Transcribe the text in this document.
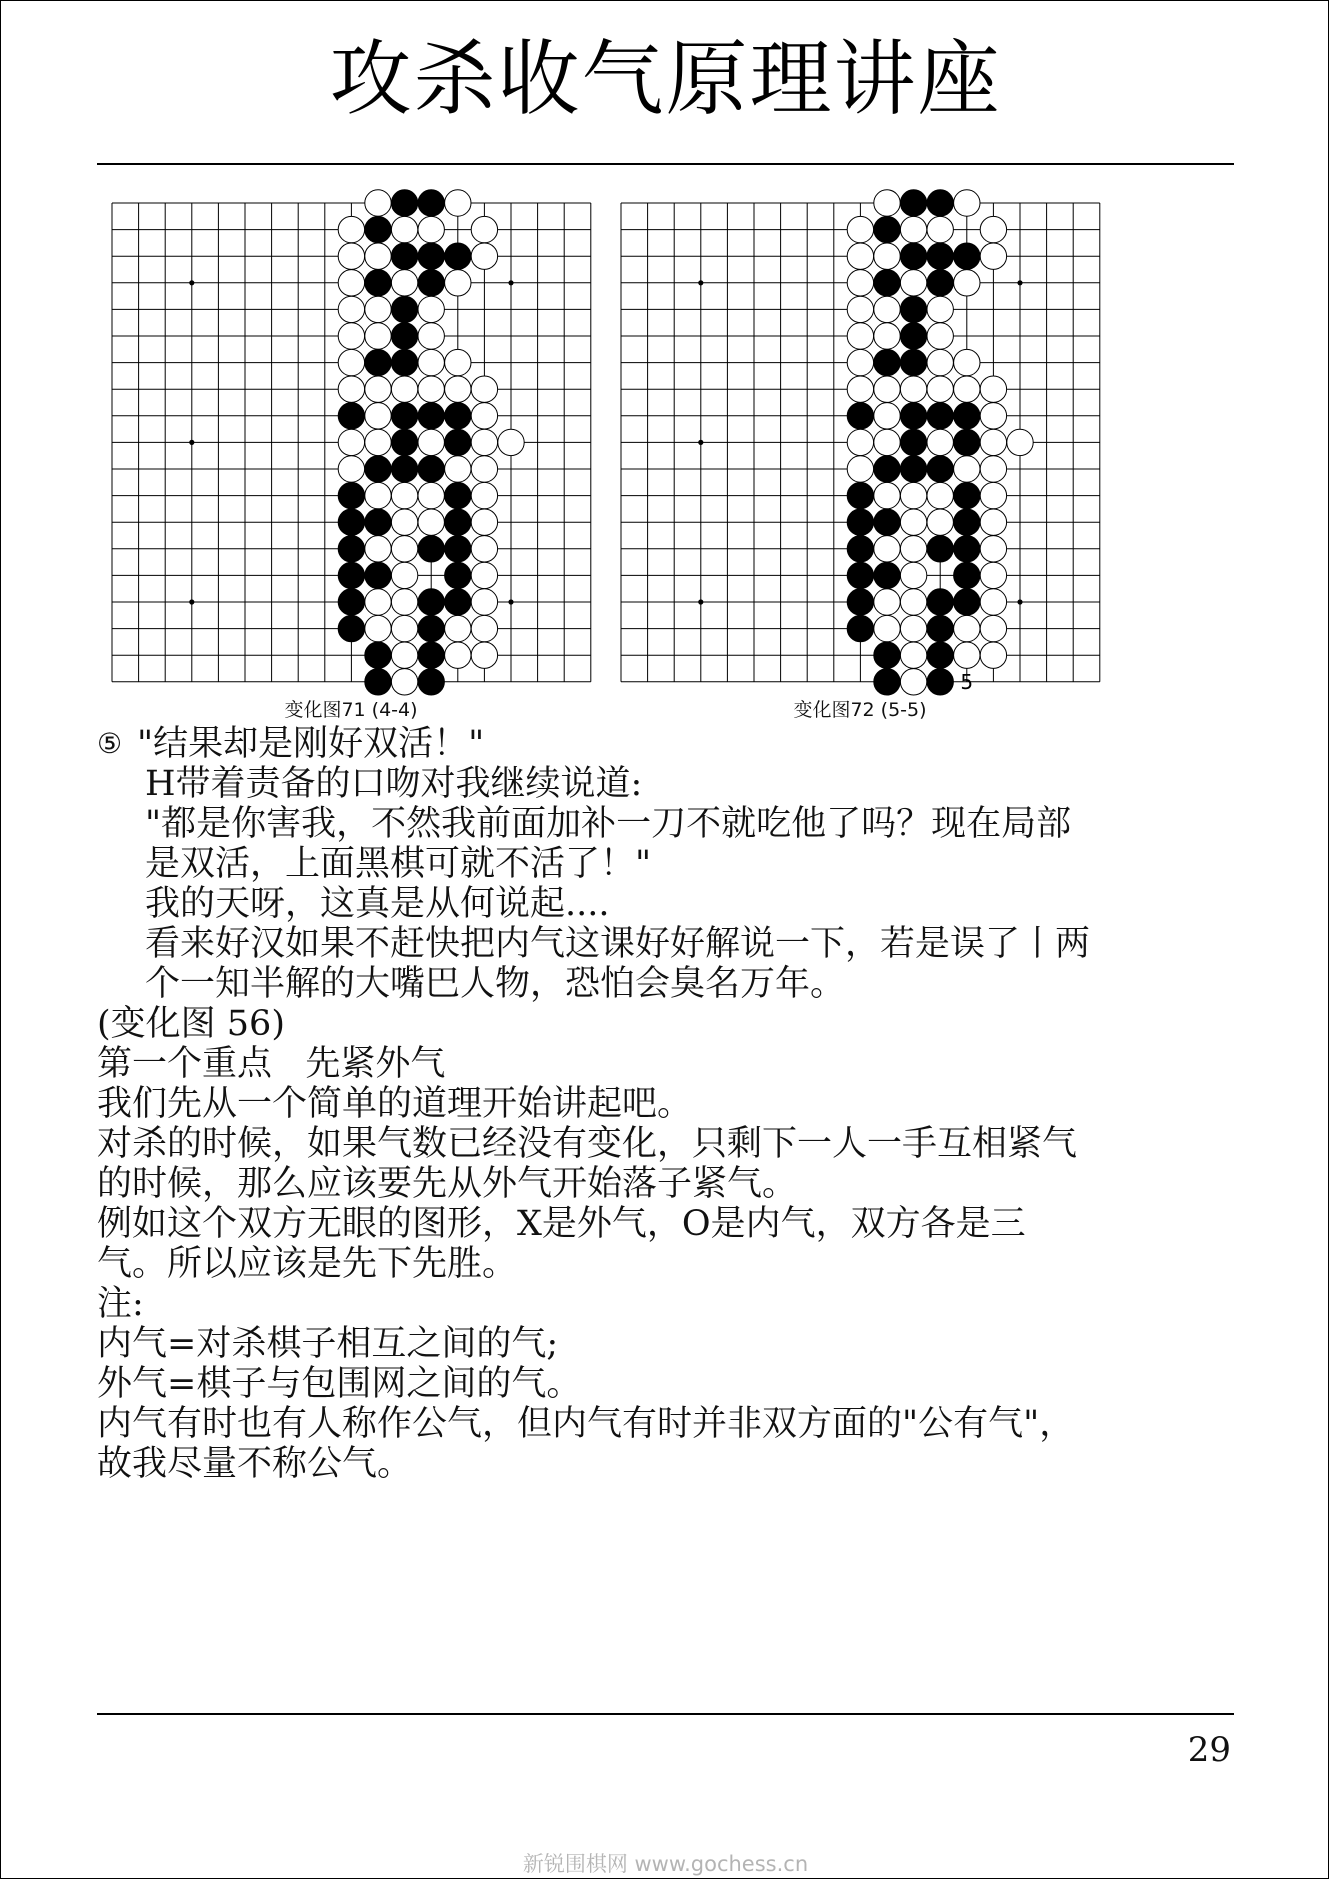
攻杀收气原理讲座
4
5
变化图71 (4-4)	变化图72 (5-5)
⑤ "结果却是刚好双活！"
H带着责备的口吻对我继续说道:
"都是你害我，不然我前面加补一刀不就吃他了吗？现在局部
是双活，上面黑棋可就不活了！"
我的天呀，这真是从何说起....
看来好汉如果不赶快把内气这课好好解说一下，若是误了丨两
个一知半解的大嘴巴人物，恐怕会臭名万年。
(变化图 56)
第一个重点   先紧外气
我们先从一个简单的道理开始讲起吧。
对杀的时候，如果气数已经没有变化，只剩下一人一手互相紧气
的时候，那么应该要先从外气开始落子紧气。
例如这个双方无眼的图形，X是外气，O是内气，双方各是三
气。所以应该是先下先胜。
注:
内气=对杀棋子相互之间的气;
外气=棋子与包围网之间的气。
内气有时也有人称作公气，但内气有时并非双方面的"公有气"，
故我尽量不称公气。
29
新锐围棋网 www.gochess.cn
